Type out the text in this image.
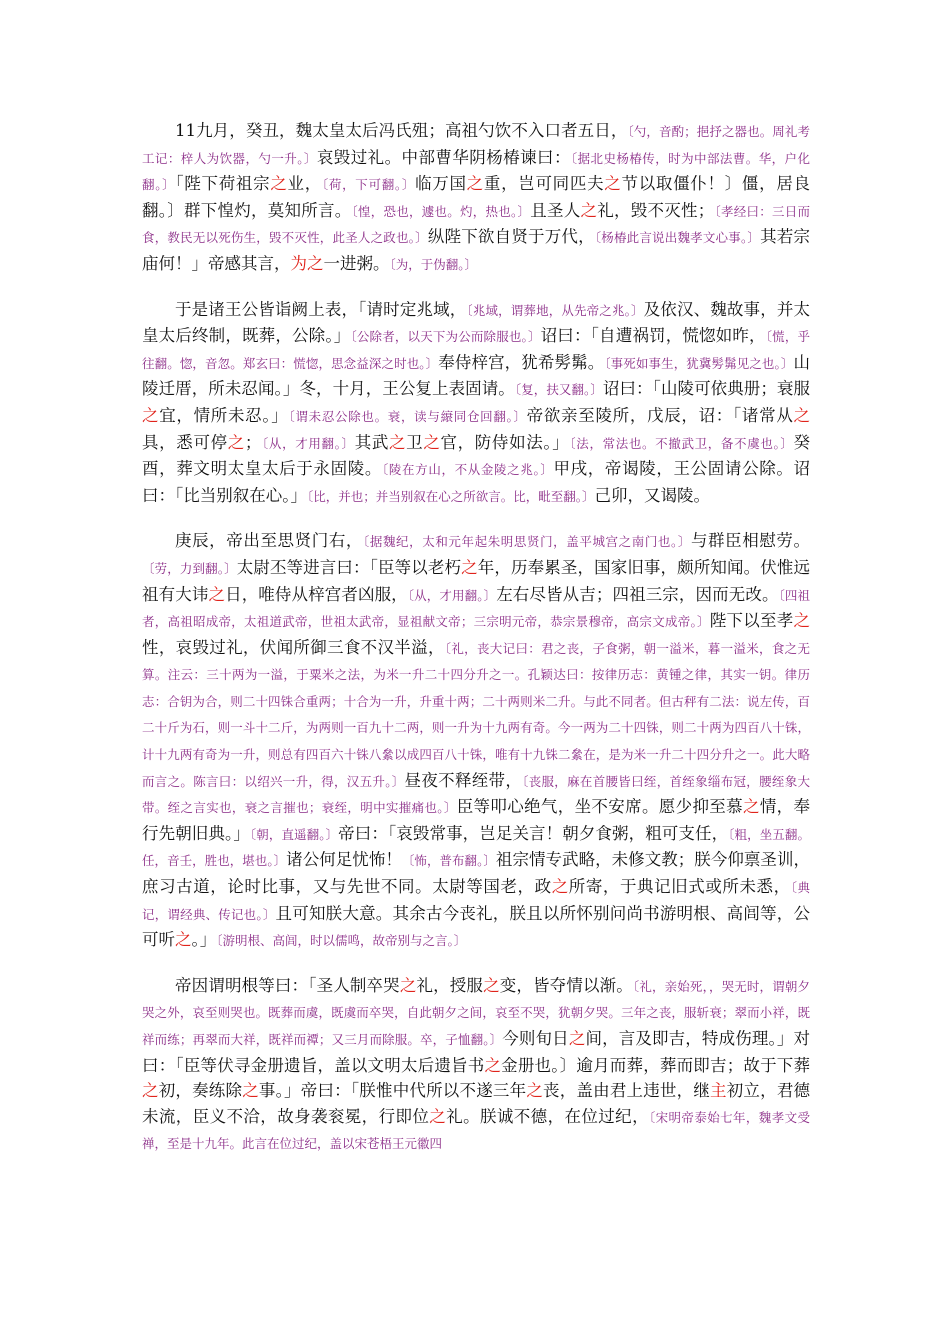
11九月，癸丑，魏太皇太后冯氏殂；高祖勺饮不入口者五日，〔勺，音酌；挹抒之器也。周礼考工记：梓人为饮器，勺一升。〕哀毁过礼。中部曹华阴杨椿谏曰：〔据北史杨椿传，时为中部法曹。华，户化翻。〕「陛下荷祖宗之业，〔荷，下可翻。〕临万国之重，岂可同匹夫之节以取僵仆！〕僵，居良翻。〕群下惶灼，莫知所言。〔惶，恐也，遽也。灼，热也。〕且圣人之礼，毁不灭性；〔孝经曰：三日而食，教民无以死伤生，毁不灭性，此圣人之政也。〕纵陛下欲自贤于万代，〔杨椿此言说出魏孝文心事。〕其若宗庙何！」帝感其言，为之一进粥。〔为，于伪翻。〕

于是诸王公皆诣阙上表，「请时定兆域，〔兆域，谓葬地，从先帝之兆。〕及依汉、魏故事，并太皇太后终制，既葬，公除。」〔公除者，以天下为公而除服也。〕诏曰：「自遭祸罚，慌惚如昨，〔慌，乎往翻。惚，音忽。郑玄曰：慌惚，思念益深之时也。〕奉侍梓宫，犹希髣髴。〔事死如事生，犹冀髣髴见之也。〕山陵迁厝，所未忍闻。」冬，十月，王公复上表固请。〔复，扶又翻。〕诏曰：「山陵可依典册；衰服之宜，情所未忍。」〔谓未忍公除也。衰，读与縗同仓回翻。〕帝欲亲至陵所，戊辰，诏：「诸常从之具，悉可停之；〔从，才用翻。〕其武之卫之官，防侍如法。」〔法，常法也。不撤武卫，备不虞也。〕癸酉，葬文明太皇太后于永固陵。〔陵在方山，不从金陵之兆。〕甲戌，帝谒陵，王公固请公除。诏曰：「比当别叙在心。」〔比，并也；并当别叙在心之所欲言。比，毗至翻。〕己卯，又谒陵。

庚辰，帝出至思贤门右，〔据魏纪，太和元年起朱明思贤门，盖平城宫之南门也。〕与群臣相慰劳。〔劳，力到翻。〕太尉丕等进言曰：「臣等以老朽之年，历奉累圣，国家旧事，颇所知闻。伏惟远祖有大讳之日，唯侍从梓宫者凶服，〔从，才用翻。〕左右尽皆从吉；四祖三宗，因而无改。〔四祖者，高祖昭成帝，太祖道武帝，世祖太武帝，显祖献文帝；三宗明元帝，恭宗景穆帝，高宗文成帝。〕陛下以至孝之性，哀毁过礼，伏闻所御三食不汉半溢，〔礼，丧大记曰：君之丧，子食粥，朝一溢米，暮一溢米，食之无算。注云：三十两为一溢，于粟米之法，为米一升二十四分升之一。孔颖达曰：按律历志：黄锺之律，其实一钥。律历志：合钥为合，则二十四铢合重两；十合为一升，升重十两；二十两则米二升。与此不同者。但古秤有二法：说左传，百二十斤为石，则一斗十二斤，为两则一百九十二两，则一升为十九两有奇。今一两为二十四铢，则二十两为四百八十铢，计十九两有奇为一升，则总有四百六十铢八絫以成四百八十铢，唯有十九铢二絫在，是为米一升二十四分升之一。此大略而言之。陈言曰：以绍兴一升，得，汉五升。〕昼夜不释绖带，〔丧服，麻在首腰皆曰绖，首绖象缁布冠，腰绖象大带。绖之言实也，衰之言摧也；衰绖，明中实摧痛也。〕臣等叩心绝气，坐不安席。愿少抑至慕之情，奉行先朝旧典。」〔朝，直遥翻。〕帝曰：「哀毁常事，岂足关言！朝夕食粥，粗可支任，〔粗，坐五翻。任，音壬，胜也，堪也。〕诸公何足忧怖！〔怖，普布翻。〕祖宗情专武略，未修文教；朕今仰禀圣训，庶习古道，论时比事，又与先世不同。太尉等国老，政之所寄，于典记旧式或所未悉，〔典记，谓经典、传记也。〕且可知朕大意。其余古今丧礼，朕且以所怀别问尚书游明根、高闾等，公可听之。」〔游明根、高闾，时以儒鸣，故帝别与之言。〕

帝因谓明根等曰：「圣人制卒哭之礼，授服之变，皆夺情以渐。〔礼，亲始死，，哭无时，谓朝夕哭之外，哀至则哭也。既葬而虞，既虞而卒哭，自此朝夕之间，哀至不哭，犹朝夕哭。三年之丧，服斩衰；翠而小祥，既祥而练；再翠而大祥，既祥而禫；又三月而除服。卒，子恤翻。〕今则旬日之间，言及即吉，特成伤理。」对曰：「臣等伏寻金册遗旨，盖以文明太后遗旨书之金册也。〕逾月而葬，葬而即吉；故于下葬之初，奏练除之事。」帝曰：「朕惟中代所以不遂三年之丧，盖由君上违世，继主初立，君德未流，臣义不洽，故身袭衮冕，行即位之礼。朕诚不德，在位过纪，〔宋明帝泰始七年，魏孝文受禅，至是十九年。此言在位过纪，盖以宋苍梧王元徽四
